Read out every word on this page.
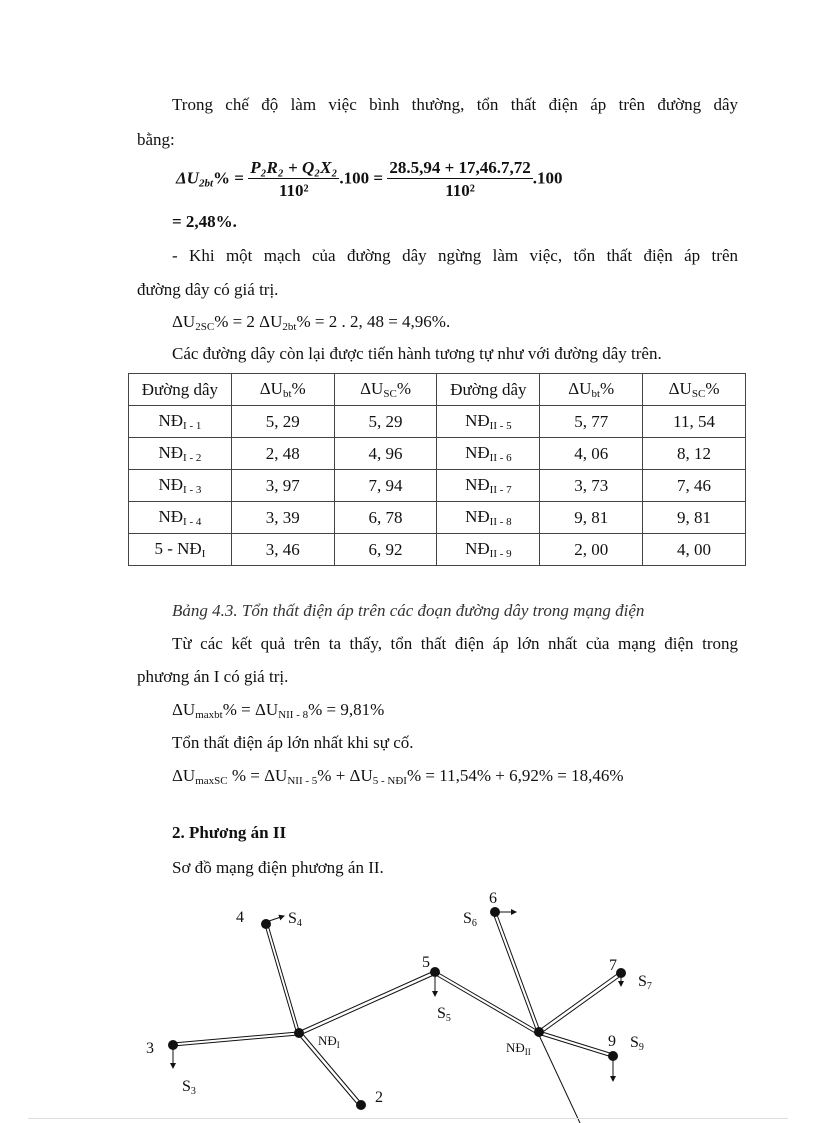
Trong chế độ làm việc bình thường, tổn thất điện áp trên đường dây
bằng:
$\Delta U_{2bt}\% = \frac{\text{P₂R₂ + Q₂X₂}}{\text{110²}} .100 = \frac{28.5,94 + 17,46.7,72}{\text{110²}} .100$
= 2,48%.
- Khi một mạch của đường dây ngừng làm việc, tổn thất điện áp trên
đường dây có giá trị.
$\Delta U_{2SC}\% = 2$ $\Delta U_{2bt}\% = 2$ . 2, 48 = 4,96%.
Các đường dây còn lại được tiến hành tương tự như với đường dây trên.
Đường dây	$\Delta U_{bt}\%$	$\Delta U_{SC}\%$	Đường dây	$\Delta U_{bt}\%$	$\Delta U_{SC}\%$
$NĐ_{I - 1}$	5, 29	5, 29	$NĐ_{II - 5}$	5, 77	11, 54
$NĐ_{I - 2}$	2, 48	4, 96	$NĐ_{II - 6}$	4, 06	8, 12
$NĐ_{I - 3}$	3, 97	7, 94	$NĐ_{II - 7}$	3, 73	7, 46
$NĐ_{I - 4}$	3, 39	6, 78	$NĐ_{II - 8}$	9, 81	9, 81
$5 - NĐ_I$	3, 46	6, 92	$NĐ_{II - 9}$	2, 00	4, 00
Bảng 4.3. Tổn thất điện áp trên các đoạn đường dây trong mạng điện
Từ các kết quả trên ta thấy, tổn thất điện áp lớn nhất của mạng điện trong
phương án I có giá trị.
$\Delta U_{maxbt}\% = \Delta U_{NII - 8}\% = 9,81\%$
Tổn thất điện áp lớn nhất khi sự cố.
$\Delta U_{maxSC}$ % = $\Delta U_{NII - 5}\% + \Delta U_{5 - NĐI}\% = 11,54\% + 6,92\% = 18,46\%$
2. Phương án II
Sơ đồ mạng điện phương án II.
4	S4
6
S6
5
S5
7
S7
3
S3
$NĐ_I$	$NĐ_{II}$
9 S9
2
